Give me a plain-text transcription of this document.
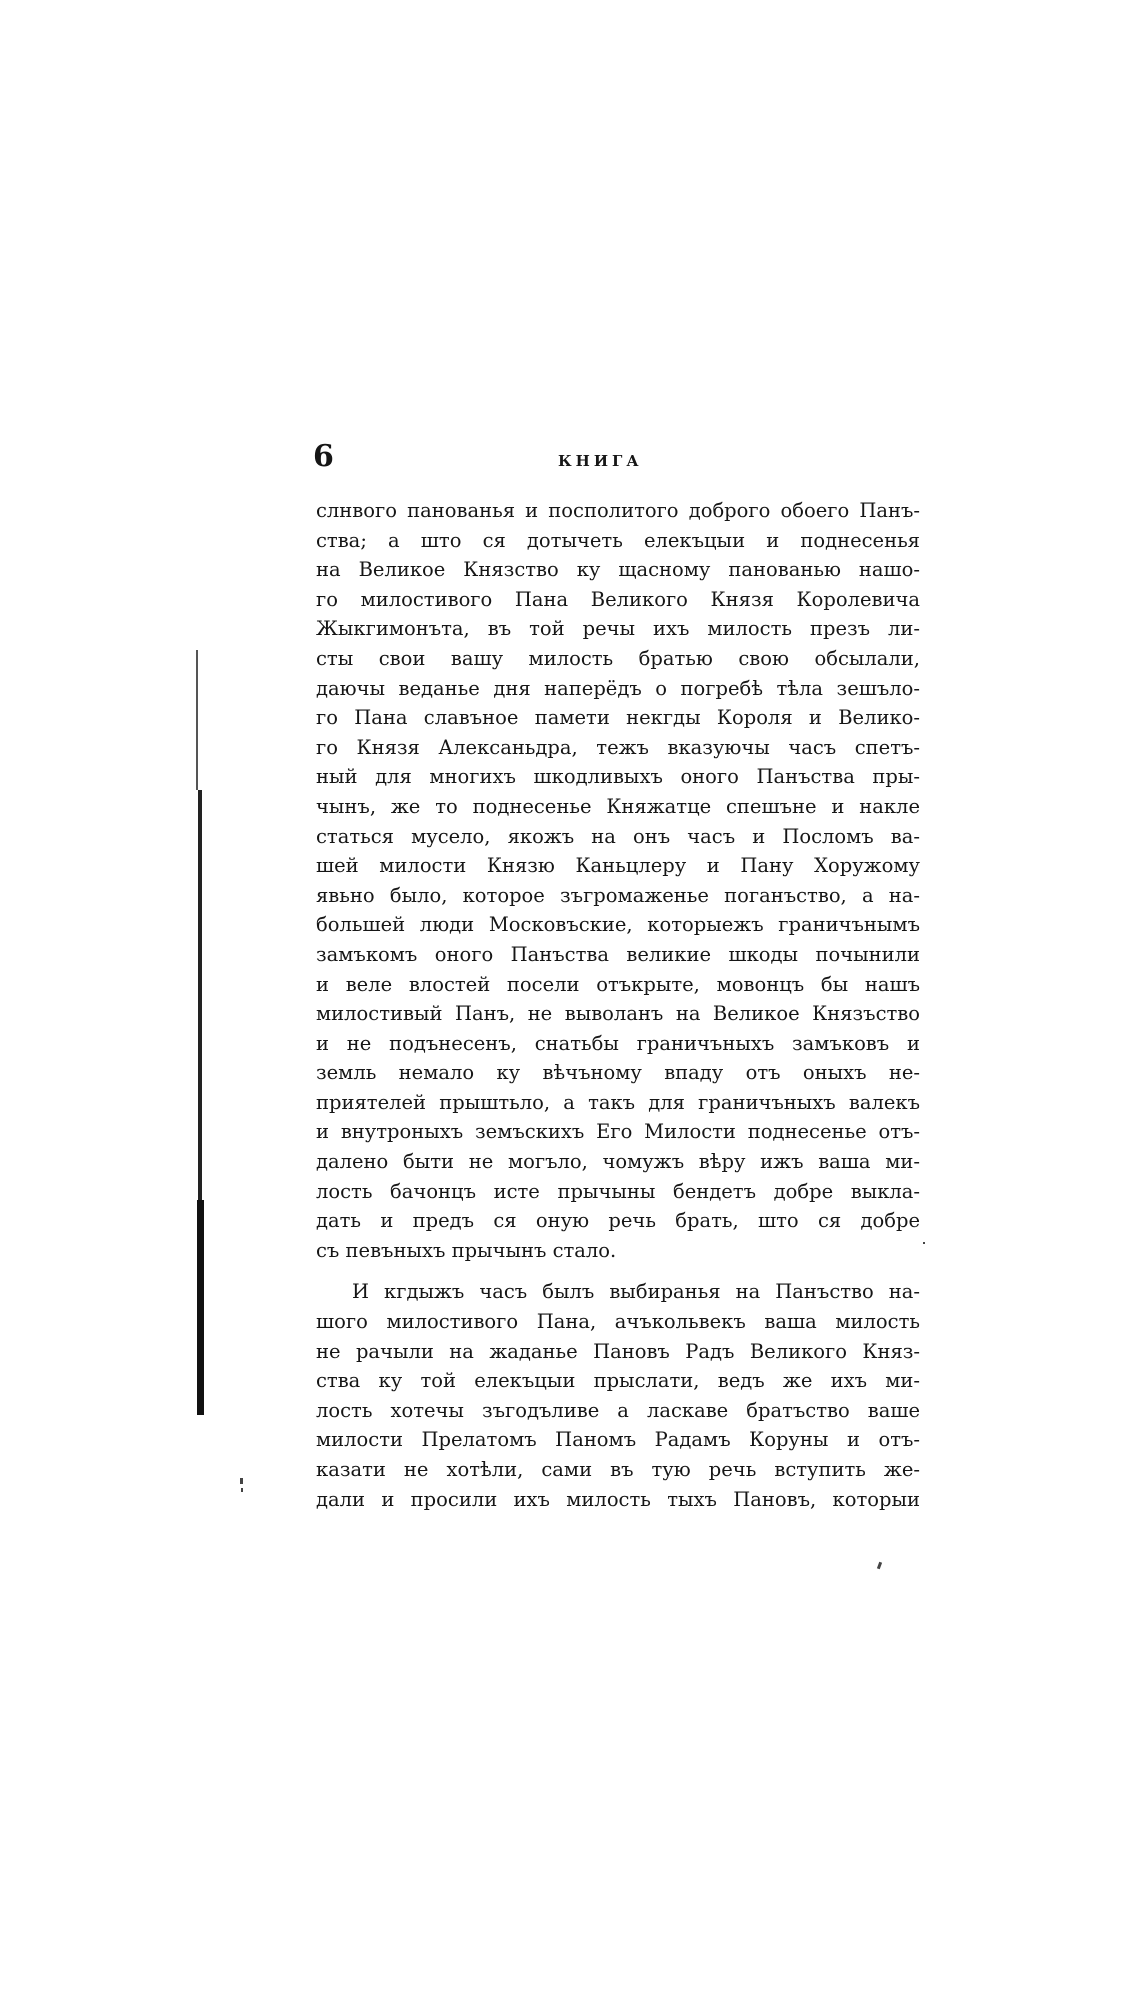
6	КНИГА
слнвого панованья и посполитого доброго обоего Панъ-
ства; а што ся дотычеть елекъцыи и поднесенья
на Великое Князство ку щасному панованью нашо-
го милостивого Пана Великого Князя Королевича
Жыкгимонъта, въ той речы ихъ милость презъ ли-
сты свои вашу милость братью свою обсылали,
даючы веданье дня наперёдъ о погребѣ тѣла зешъло-
го Пана славъное памети некгды Короля и Велико-
го Князя Алексаньдра, тежъ вказуючы часъ спетъ-
ный для многихъ шкодливыхъ оного Панъства пры-
чынъ, же то поднесенье Княжатце спешъне и наклe
статься мусело, якожъ на онъ часъ и Посломъ ва-
шей милости Князю Каньцлеру и Пану Хоружому
явьно было, которое зъгромаженье поганъство, а на-
большей люди Московъские, которыежъ граничънымъ
замъкомъ оного Панъства великие шкоды почынили
и веле влостей посели отъкрыте, мовонцъ бы нашъ
милостивый Панъ, не выволанъ на Великое Князъство
и не подънесенъ, снатьбы граничъныхъ замъковъ и
земль немало ку вѣчъному впаду отъ оныхъ не-
приятелей прыштьло, а такъ для граничъныхъ валекъ
и внутроныхъ земъскихъ Его Милости поднесенье отъ-
далено быти не могъло, чомужъ вѣру ижъ ваша ми-
лость бачонцъ исте прычыны бендетъ добре выкла-
дать и предъ ся оную речь брать, што ся добре
съ певъныхъ прычынъ стало.
И кгдыжъ часъ былъ выбиранья на Панъство на-
шого милостивого Пана, ачъкольвекъ ваша милость
не рачыли на жаданье Пановъ Радъ Великого Княз-
ства ку той елекъцыи прыслати, ведъ же ихъ ми-
лость хотечы зъгодъливе а ласкаве братъство ваше
милости Прелатомъ Паномъ Радамъ Коруны и отъ-
казати не хотѣли, сами въ тую речь вступить же-
дали и просили ихъ милость тыхъ Пановъ, которыи
